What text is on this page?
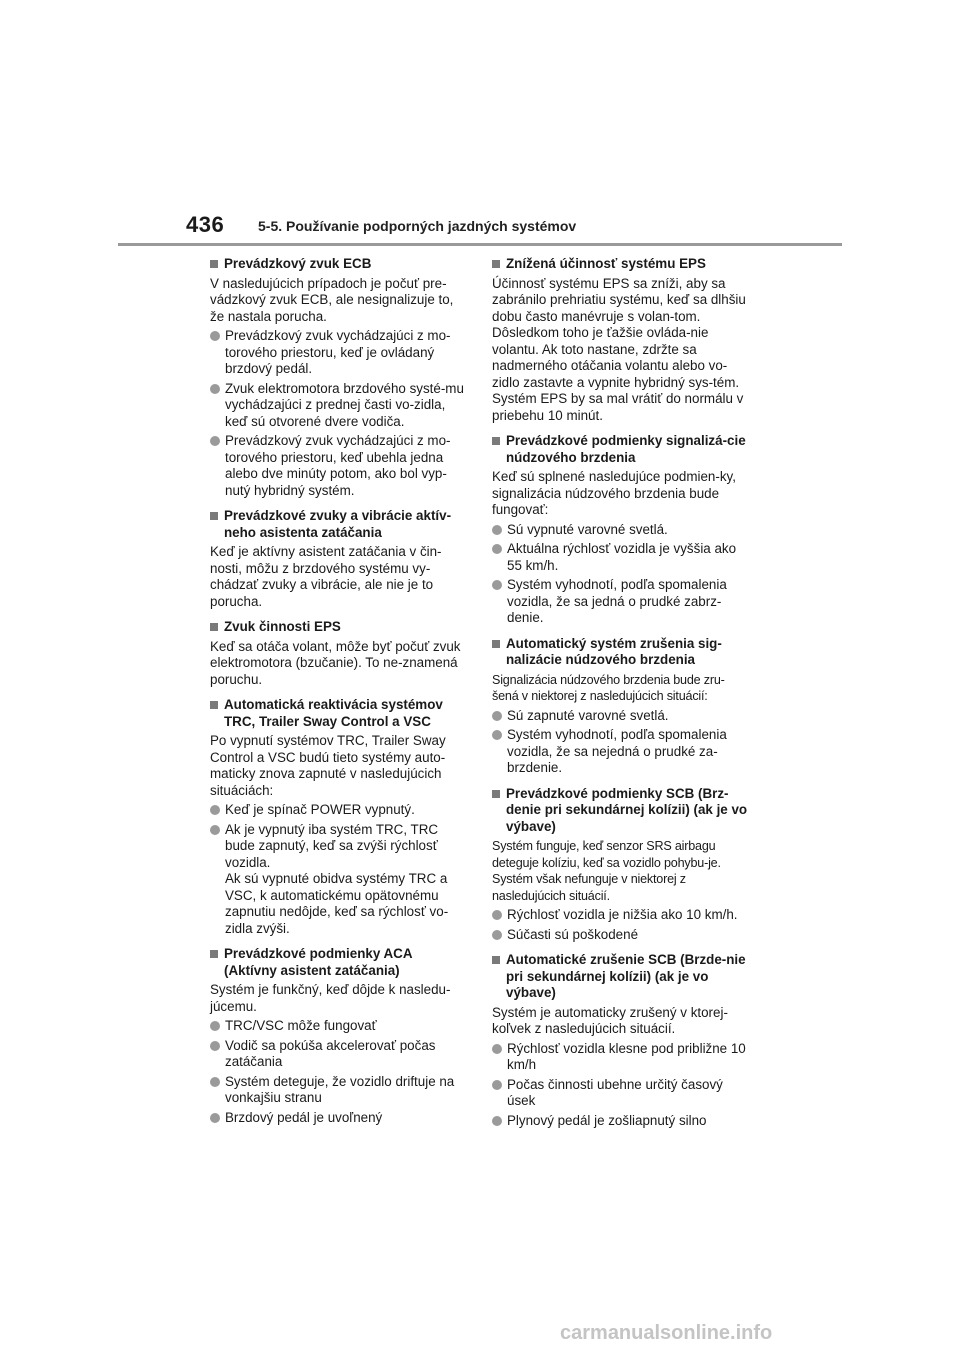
436 5-5. Používanie podporných jazdných systémov
Prevádzkový zvuk ECB
V nasledujúcich prípadoch je počuť pre-vádzkový zvuk ECB, ale nesignalizuje to, že nastala porucha.
Prevádzkový zvuk vychádzajúci z mo-torového priestoru, keď je ovládaný brzdový pedál.
Zvuk elektromotora brzdového systé-mu vychádzajúci z prednej časti vo-zidla, keď sú otvorené dvere vodiča.
Prevádzkový zvuk vychádzajúci z mo-torového priestoru, keď ubehla jedna alebo dve minúty potom, ako bol vyp-nutý hybridný systém.
Prevádzkové zvuky a vibrácie aktív-neho asistenta zatáčania
Keď je aktívny asistent zatáčania v čin-nosti, môžu z brzdového systému vy-chádzať zvuky a vibrácie, ale nie je to porucha.
Zvuk činnosti EPS
Keď sa otáča volant, môže byť počuť zvuk elektromotora (bzučanie). To ne-znamená poruchu.
Automatická reaktivácia systémov TRC, Trailer Sway Control a VSC
Po vypnutí systémov TRC, Trailer Sway Control a VSC budú tieto systémy auto-maticky znova zapnuté v nasledujúcich situáciách:
Keď je spínač POWER vypnutý.
Ak je vypnutý iba systém TRC, TRC bude zapnutý, keď sa zvýši rýchlosť vozidla.
Ak sú vypnuté obidva systémy TRC a VSC, k automatickému opätovnému zapnutiu nedôjde, keď sa rýchlosť vo-zidla zvýši.
Prevádzkové podmienky ACA (Aktívny asistent zatáčania)
Systém je funkčný, keď dôjde k nasledu-júcemu.
TRC/VSC môže fungovať
Vodič sa pokúša akcelerovať počas zatáčania
Systém deteguje, že vozidlo driftuje na vonkajšiu stranu
Brzdový pedál je uvoľnený
Znížená účinnosť systému EPS
Účinnosť systému EPS sa zníži, aby sa zabránilo prehriatiu systému, keď sa dlhšiu dobu často manévruje s volan-tom. Dôsledkom toho je ťažšie ovláda-nie volantu. Ak toto nastane, zdržte sa nadmerného otáčania volantu alebo vo-zidlo zastavte a vypnite hybridný sys-tém. Systém EPS by sa mal vrátiť do normálu v priebehu 10 minút.
Prevádzkové podmienky signalizá-cie núdzového brzdenia
Keď sú splnené nasledujúce podmien-ky, signalizácia núdzového brzdenia bude fungovať:
Sú vypnuté varovné svetlá.
Aktuálna rýchlosť vozidla je vyššia ako 55 km/h.
Systém vyhodnotí, podľa spomalenia vozidla, že sa jedná o prudké zabrz-denie.
Automatický systém zrušenia sig-nalizácie núdzového brzdenia
Signalizácia núdzového brzdenia bude zru-šená v niektorej z nasledujúcich situácií:
Sú zapnuté varovné svetlá.
Systém vyhodnotí, podľa spomalenia vozidla, že sa nejedná o prudké za-brzdenie.
Prevádzkové podmienky SCB (Brz-denie pri sekundárnej kolízii) (ak je vo výbave)
Systém funguje, keď senzor SRS airbagu deteguje kolíziu, keď sa vozidlo pohybu-je. Systém však nefunguje v niektorej z nasledujúcich situácií.
Rýchlosť vozidla je nižšia ako 10 km/h.
Súčasti sú poškodené
Automatické zrušenie SCB (Brzde-nie pri sekundárnej kolízii) (ak je vo výbave)
Systém je automaticky zrušený v ktorej-koľvek z nasledujúcich situácií.
Rýchlosť vozidla klesne pod približne 10 km/h
Počas činnosti ubehne určitý časový úsek
Plynový pedál je zošliapnutý silno
carmanualsonline.info
